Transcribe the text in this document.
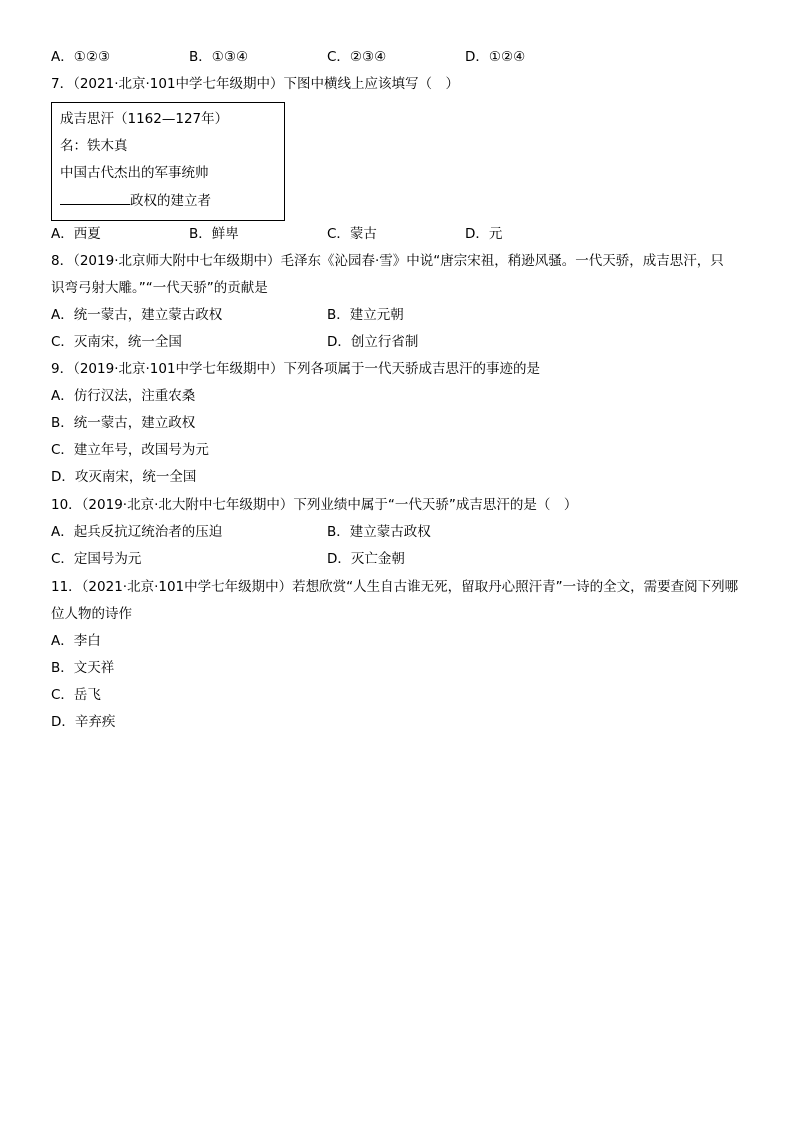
A．①②③	B．①③④	C．②③④	D．①②④
7．（2021·北京·101中学七年级期中）下图中横线上应该填写（　）
成吉思汗（1162—127年）
名：铁木真
中国古代杰出的军事统帅
政权的建立者
A．西夏	B．鲜卑	C．蒙古	D．元
8．（2019·北京师大附中七年级期中）毛泽东《沁园春·雪》中说“唐宗宋祖，稍逊风骚。一代天骄，成吉思汗，只
识弯弓射大雕。”“一代天骄”的贡献是
A．统一蒙古，建立蒙古政权	B．建立元朝
C．灭南宋，统一全国	D．创立行省制
9．（2019·北京·101中学七年级期中）下列各项属于一代天骄成吉思汗的事迹的是
A．仿行汉法，注重农桑
B．统一蒙古，建立政权
C．建立年号，改国号为元
D．攻灭南宋，统一全国
10．（2019·北京·北大附中七年级期中）下列业绩中属于“一代天骄”成吉思汗的是（　）
A．起兵反抗辽统治者的压迫	B．建立蒙古政权
C．定国号为元	D．灭亡金朝
11．（2021·北京·101中学七年级期中）若想欣赏“人生自古谁无死，留取丹心照汗青”一诗的全文，需要查阅下列哪
位人物的诗作
A．李白
B．文天祥
C．岳飞
D．辛弃疾
